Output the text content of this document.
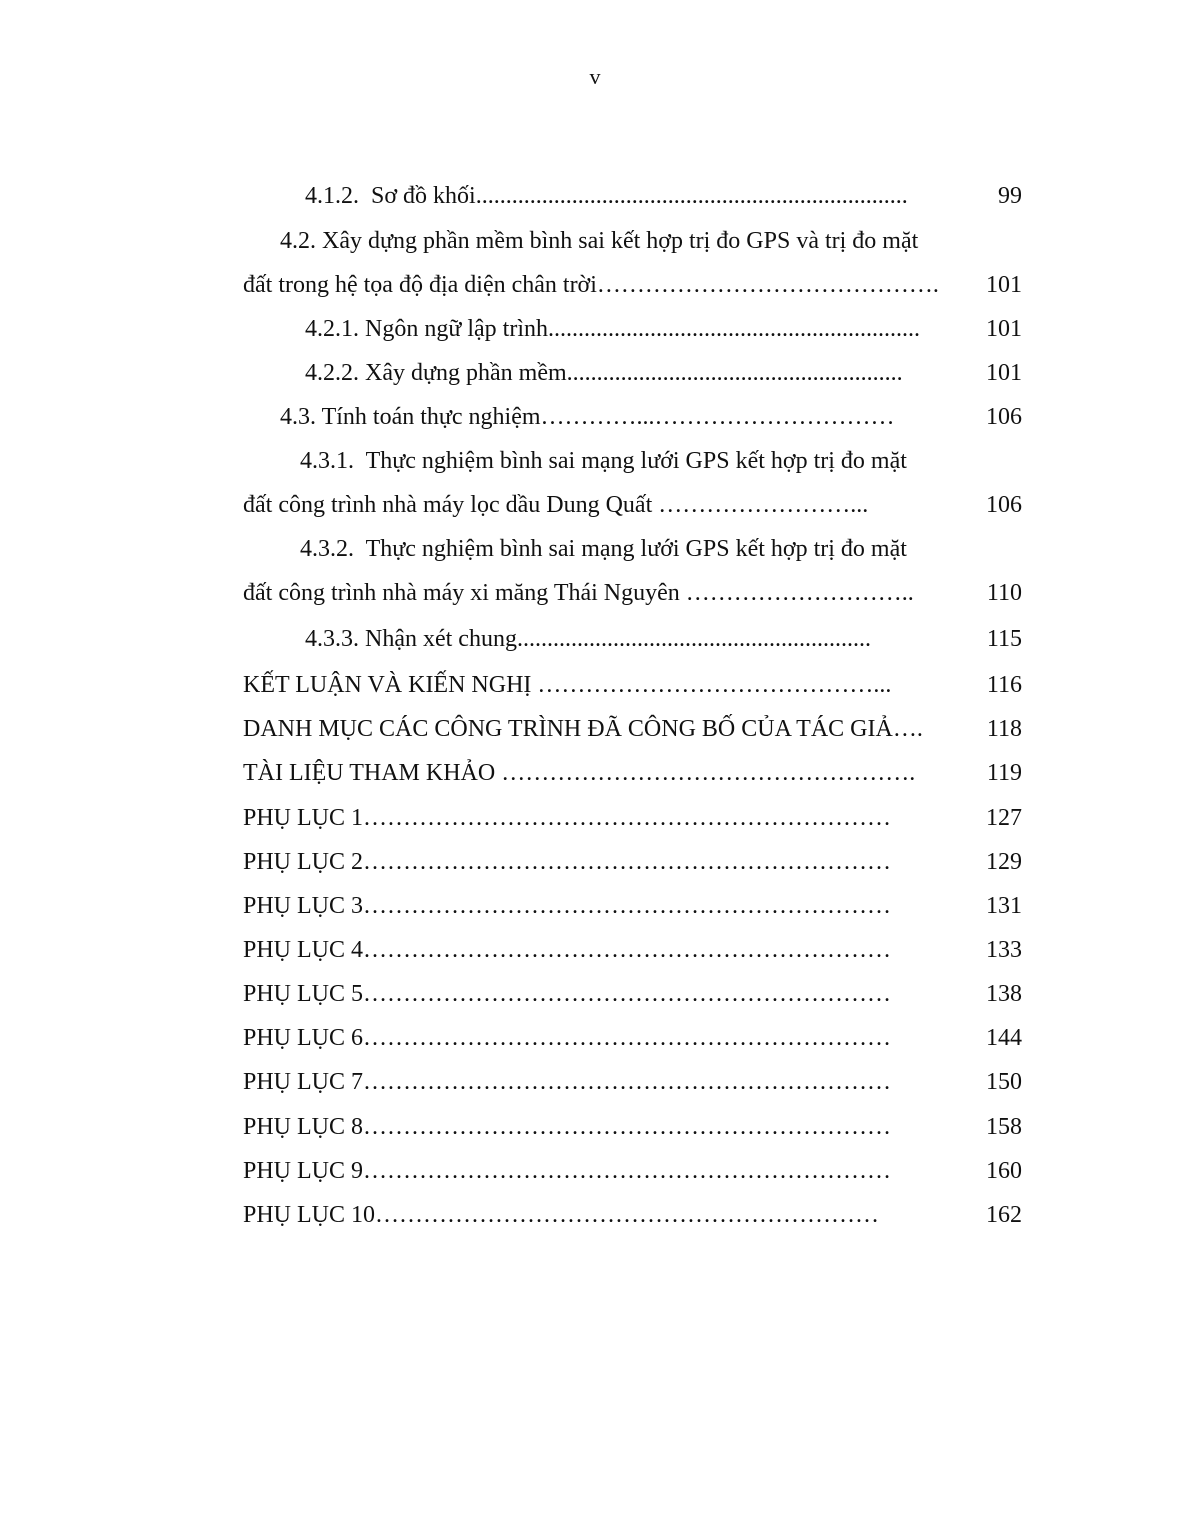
v
4.1.2.  Sơ đồ khối........................................................................	99
4.2. Xây dựng phần mềm bình sai kết hợp trị đo GPS và trị đo mặt
đất trong hệ tọa độ địa diện chân trời…………………………………….	101
4.2.1. Ngôn ngữ lập trình..............................................................	101
4.2.2. Xây dựng phần mềm........................................................	101
4.3. Tính toán thực nghiệm…………...…………………………	106
4.3.1.  Thực nghiệm bình sai mạng lưới GPS kết hợp trị đo mặt
đất công trình nhà máy lọc dầu Dung Quất ……………………...	106
4.3.2.  Thực nghiệm bình sai mạng lưới GPS kết hợp trị đo mặt
đất công trình nhà máy xi măng Thái Nguyên ………………………..	110
4.3.3. Nhận xét chung...........................................................	115
KẾT LUẬN VÀ KIẾN NGHỊ ……………………………………...	116
DANH MỤC CÁC CÔNG TRÌNH ĐÃ CÔNG BỐ CỦA TÁC GIẢ….	118
TÀI LIỆU THAM KHẢO …………………………………………….	119
PHỤ LỤC 1…………………………………………………………	127
PHỤ LỤC 2…………………………………………………………	129
PHỤ LỤC 3…………………………………………………………	131
PHỤ LỤC 4…………………………………………………………	133
PHỤ LỤC 5…………………………………………………………	138
PHỤ LỤC 6…………………………………………………………	144
PHỤ LỤC 7…………………………………………………………	150
PHỤ LỤC 8…………………………………………………………	158
PHỤ LỤC 9…………………………………………………………	160
PHỤ LỤC 10………………………………………………………	162
